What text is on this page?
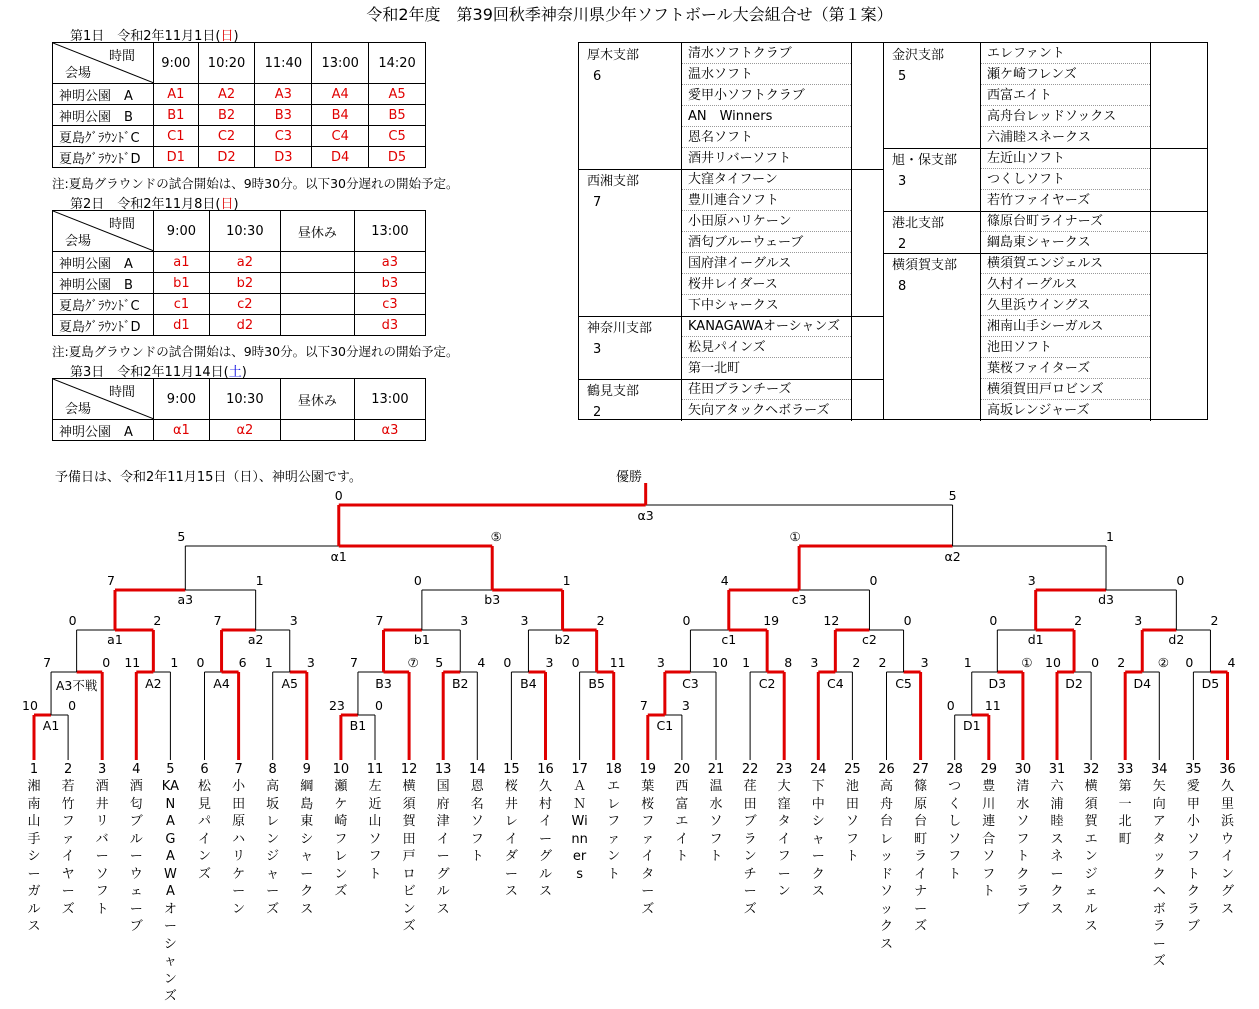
令和2年度　第39回秋季神奈川県少年ソフトボール大会組合せ（第１案）
第1日　令和2年11月1日(日)
時間
会場	9:00	10:20	11:40	13:00	14:20
神明公園　A	A1	A2	A3	A4	A5
神明公園　B	B1	B2	B3	B4	B5
夏島ｸﾞﾗｳﾝﾄﾞC	C1	C2	C3	C4	C5
夏島ｸﾞﾗｳﾝﾄﾞD	D1	D2	D3	D4	D5
注:夏島グラウンドの試合開始は、9時30分。以下30分遅れの開始予定。
第2日　令和2年11月8日(日)
時間
会場	9:00	10:30	昼休み	13:00
神明公園　A	a1	a2		a3
神明公園　B	b1	b2		b3
夏島ｸﾞﾗｳﾝﾄﾞC	c1	c2		c3
夏島ｸﾞﾗｳﾝﾄﾞD	d1	d2		d3
注:夏島グラウンドの試合開始は、9時30分。以下30分遅れの開始予定。
第3日　令和2年11月14日(土)
時間
会場	9:00	10:30	昼休み	13:00
神明公園　A	α1	α2		α3
厚木支部
6
清水ソフトクラブ
温水ソフト
愛甲小ソフトクラブ
AN　Winners
恩名ソフト
酒井リバーソフト
西湘支部
7
大窪タイフーン
豊川連合ソフト
小田原ハリケーン
酒匂ブルーウェーブ
国府津イーグルス
桜井レイダース
下中シャークス
神奈川支部
3
KANAGAWAオーシャンズ
松見パインズ
第一北町
鶴見支部
2
荏田ブランチーズ
矢向アタックヘボラーズ
金沢支部
5
エレファント
瀬ケ崎フレンズ
西富エイト
高舟台レッドソックス
六浦睦スネークス
旭・保支部
3
左近山ソフト
つくしソフト
若竹ファイヤーズ
港北支部
2
篠原台町ライナーズ
綱島東シャークス
横須賀支部
8
横須賀エンジェルス
久村イーグルス
久里浜ウイングス
湘南山手シーガルス
池田ソフト
葉桜ファイターズ
横須賀田戸ロビンズ
高坂レンジャーズ
予備日は、令和2年11月15日（日）、神明公園です。	優勝
10 0
A1
23 0
B1
7	3
C1
0 11
D1
7	0
A3不戦
11 1
A2
0	6
A4
1	3
A5
7	⑦
B3
5	4
B2
0	3
B4
0 11
B5
3	10
C3
1	8
C2
3	2
C4
2	3
C5
1	①
D3
10 0
D2
2	②
D4
0	4
D5
0	2
a1
7	3
a2
7	3
b1
3	2
b2
0	19
c1
12	0
c2
0	2
d1
3	2
d2
7	1
a3
0	1
b3
4	0
c3
3	0
d3
5	⑤
α1
①	1
α2
0	5
α3
1
湘南山手シーガルス
2
若竹ファイヤーズ
3
酒井リバーソフト
4
酒匂ブルーウェーブ
5
KANAGAWAオーシャンズ
6
松見パインズ
7
小田原ハリケーン
8
高坂レンジャーズ
9
綱島東シャークス
10
瀬ケ崎フレンズ
11
左近山ソフト
12
横須賀田戸ロビンズ
13
国府津イーグルス
14
恩名ソフト
15
桜井レイダース
16
久村イーグルス
17
ＡＮ　Winners
18
エレファント
19
葉桜ファイターズ
20
西富エイト
21
温水ソフト
22
荏田ブランチーズ
23
大窪タイフーン
24
下中シャークス
25
池田ソフト
26
高舟台レッドソックス
27
篠原台町ライナーズ
28
つくしソフト
29
豊川連合ソフト
30
清水ソフトクラブ
31
六浦睦スネークス
32
横須賀エンジェルス
33
第一北町
34
矢向アタックヘボラーズ
35
愛甲小ソフトクラブ
36
久里浜ウイングス
